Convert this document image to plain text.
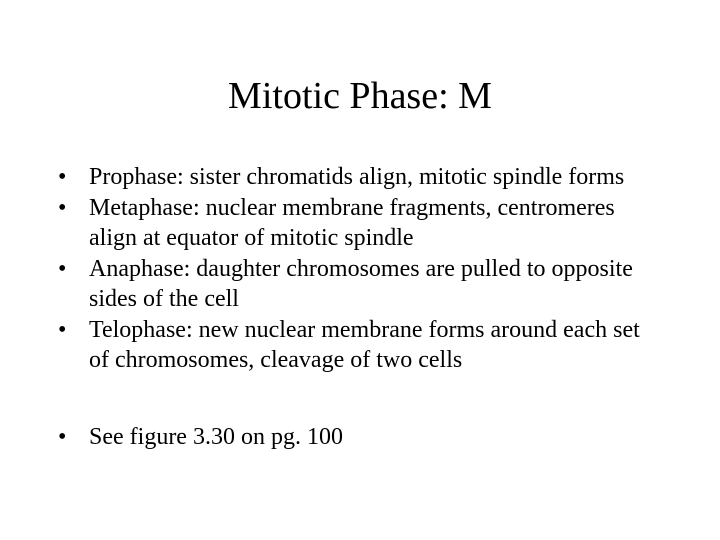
Mitotic Phase: M
• Prophase: sister chromatids align, mitotic spindle forms
• Metaphase: nuclear membrane fragments, centromeres align at equator of mitotic spindle
• Anaphase: daughter chromosomes are pulled to opposite sides of the cell
• Telophase: new nuclear membrane forms around each set of chromosomes, cleavage of two cells
• See figure 3.30 on pg. 100
